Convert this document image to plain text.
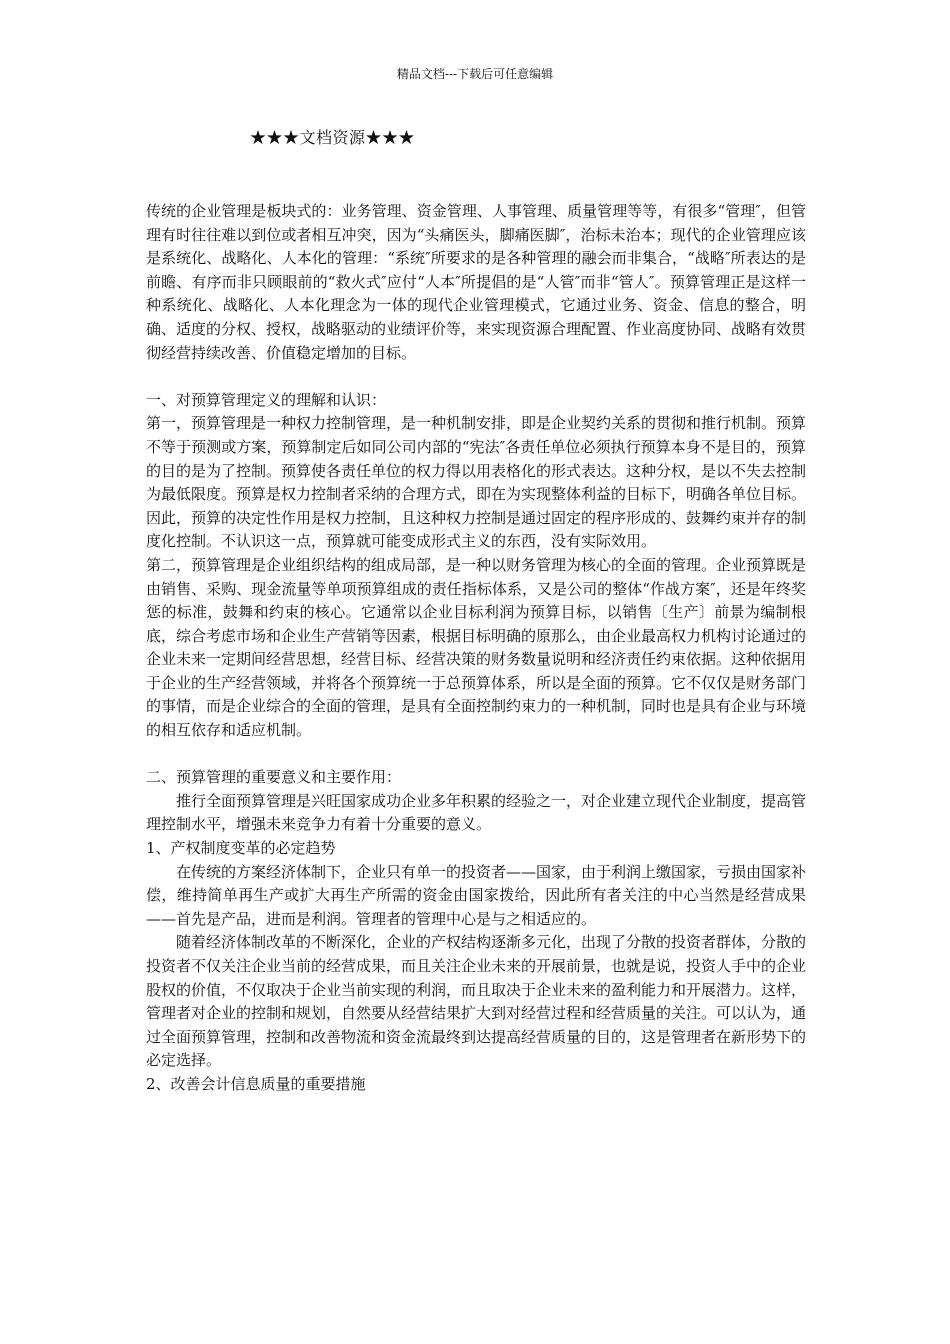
精品文档---下载后可任意编辑
★★★文档资源★★★

传统的企业管理是板块式的：业务管理、资金管理、人事管理、质量管理等等，有很多“管理″，但管理有时往往难以到位或者相互冲突，因为“头痛医头，脚痛医脚″，治标未治本；现代的企业管理应该是系统化、战略化、人本化的管理：“系统″所要求的是各种管理的融会而非集合，“战略″所表达的是前瞻、有序而非只顾眼前的“救火式″应付“人本″所提倡的是“人管″而非“管人″。预算管理正是这样一种系统化、战略化、人本化理念为一体的现代企业管理模式，它通过业务、资金、信息的整合，明确、适度的分权、授权，战略驱动的业绩评价等，来实现资源合理配置、作业高度协同、战略有效贯彻经营持续改善、价值稳定增加的目标。

一、对预算管理定义的理解和认识：

第一，预算管理是一种权力控制管理，是一种机制安排，即是企业契约关系的贯彻和推行机制。预算不等于预测或方案，预算制定后如同公司内部的“宪法″各责任单位必须执行预算本身不是目的，预算的目的是为了控制。预算使各责任单位的权力得以用表格化的形式表达。这种分权，是以不失去控制为最低限度。预算是权力控制者采纳的合理方式，即在为实现整体利益的目标下，明确各单位目标。因此，预算的决定性作用是权力控制，且这种权力控制是通过固定的程序形成的、鼓舞约束并存的制度化控制。不认识这一点，预算就可能变成形式主义的东西，没有实际效用。

第二，预算管理是企业组织结构的组成局部，是一种以财务管理为核心的全面的管理。企业预算既是由销售、采购、现金流量等单项预算组成的责任指标体系，又是公司的整体“作战方案″，还是年终奖惩的标准，鼓舞和约束的核心。它通常以企业目标利润为预算目标，以销售〔生产〕前景为编制根底，综合考虑市场和企业生产营销等因素，根据目标明确的原那么，由企业最高权力机构讨论通过的企业未来一定期间经营思想，经营目标、经营决策的财务数量说明和经济责任约束依据。这种依据用于企业的生产经营领域，并将各个预算统一于总预算体系，所以是全面的预算。它不仅仅是财务部门的事情，而是企业综合的全面的管理，是具有全面控制约束力的一种机制，同时也是具有企业与环境的相互依存和适应机制。

二、预算管理的重要意义和主要作用：

推行全面预算管理是兴旺国家成功企业多年积累的经验之一，对企业建立现代企业制度，提高管理控制水平，增强未来竞争力有着十分重要的意义。

1、产权制度变革的必定趋势

在传统的方案经济体制下，企业只有单一的投资者——国家，由于利润上缴国家，亏损由国家补偿，维持简单再生产或扩大再生产所需的资金由国家拨给，因此所有者关注的中心当然是经营成果——首先是产品，进而是利润。管理者的管理中心是与之相适应的。

随着经济体制改革的不断深化，企业的产权结构逐渐多元化，出现了分散的投资者群体，分散的投资者不仅关注企业当前的经营成果，而且关注企业未来的开展前景，也就是说，投资人手中的企业股权的价值，不仅取决于企业当前实现的利润，而且取决于企业未来的盈利能力和开展潜力。这样，管理者对企业的控制和规划，自然要从经营结果扩大到对经营过程和经营质量的关注。可以认为，通过全面预算管理，控制和改善物流和资金流最终到达提高经营质量的目的，这是管理者在新形势下的必定选择。

2、改善会计信息质量的重要措施
